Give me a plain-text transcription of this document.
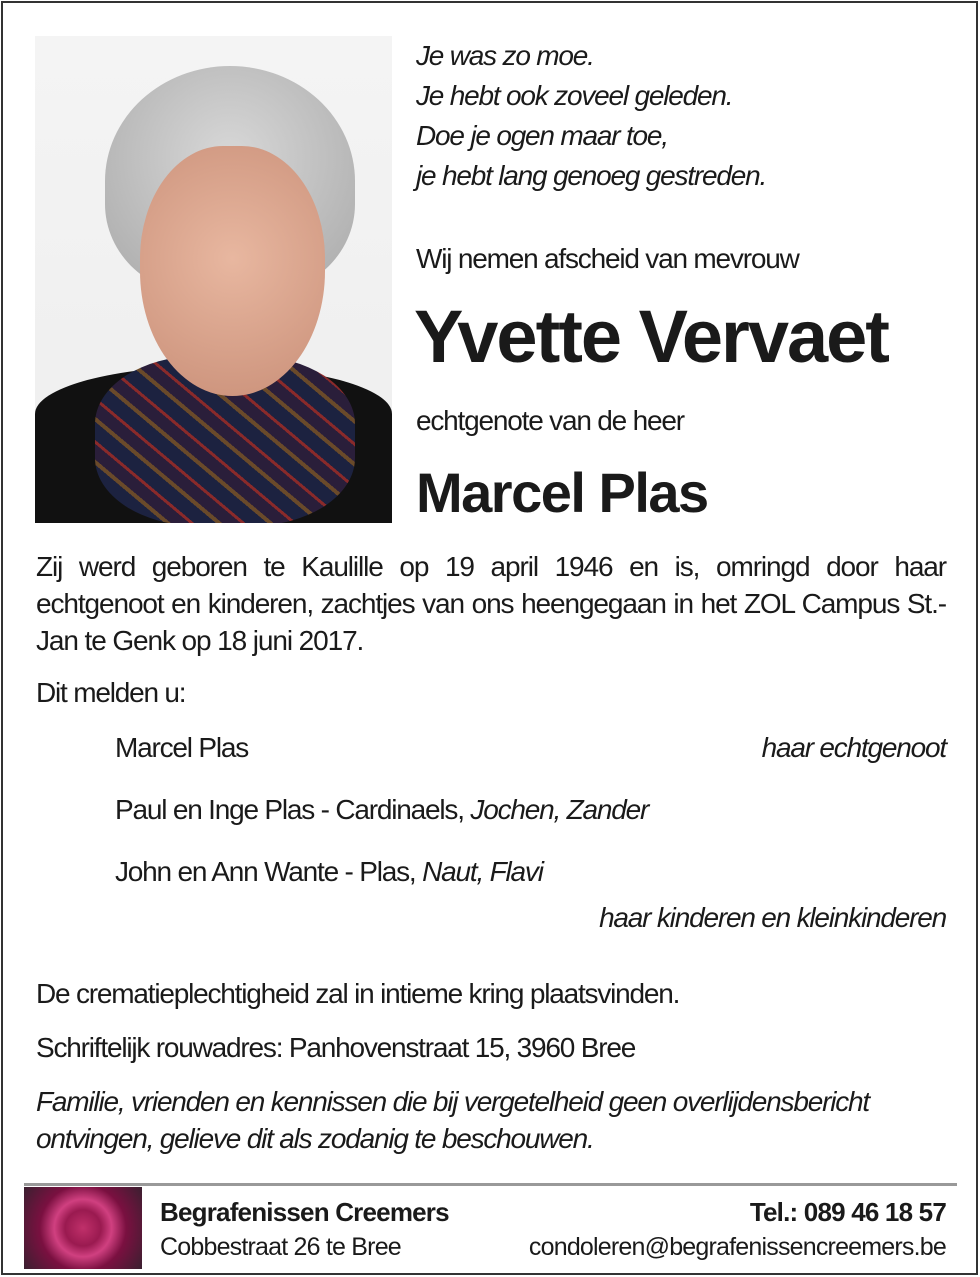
Je was zo moe.
Je hebt ook zoveel geleden.
Doe je ogen maar toe,
je hebt lang genoeg gestreden.
Wij nemen afscheid van mevrouw
Yvette Vervaet
echtgenote van de heer
Marcel Plas
Zij werd geboren te Kaulille op 19 april 1946 en is, omringd door haar echtgenoot en kinderen, zachtjes van ons heengegaan in het ZOL Campus St.-Jan te Genk op 18 juni 2017.
Dit melden u:
Marcel Plas	haar echtgenoot
Paul en Inge Plas - Cardinaels, Jochen, Zander
John en Ann Wante - Plas, Naut, Flavi
haar kinderen en kleinkinderen
De crematieplechtigheid zal in intieme kring plaatsvinden.
Schriftelijk rouwadres: Panhovenstraat 15, 3960 Bree
Familie, vrienden en kennissen die bij vergetelheid geen overlijdensbericht
ontvingen, gelieve dit als zodanig te beschouwen.
Begrafenissen Creemers
Cobbestraat 26 te Bree
Tel.: 089 46 18 57
condoleren@begrafenissencreemers.be
